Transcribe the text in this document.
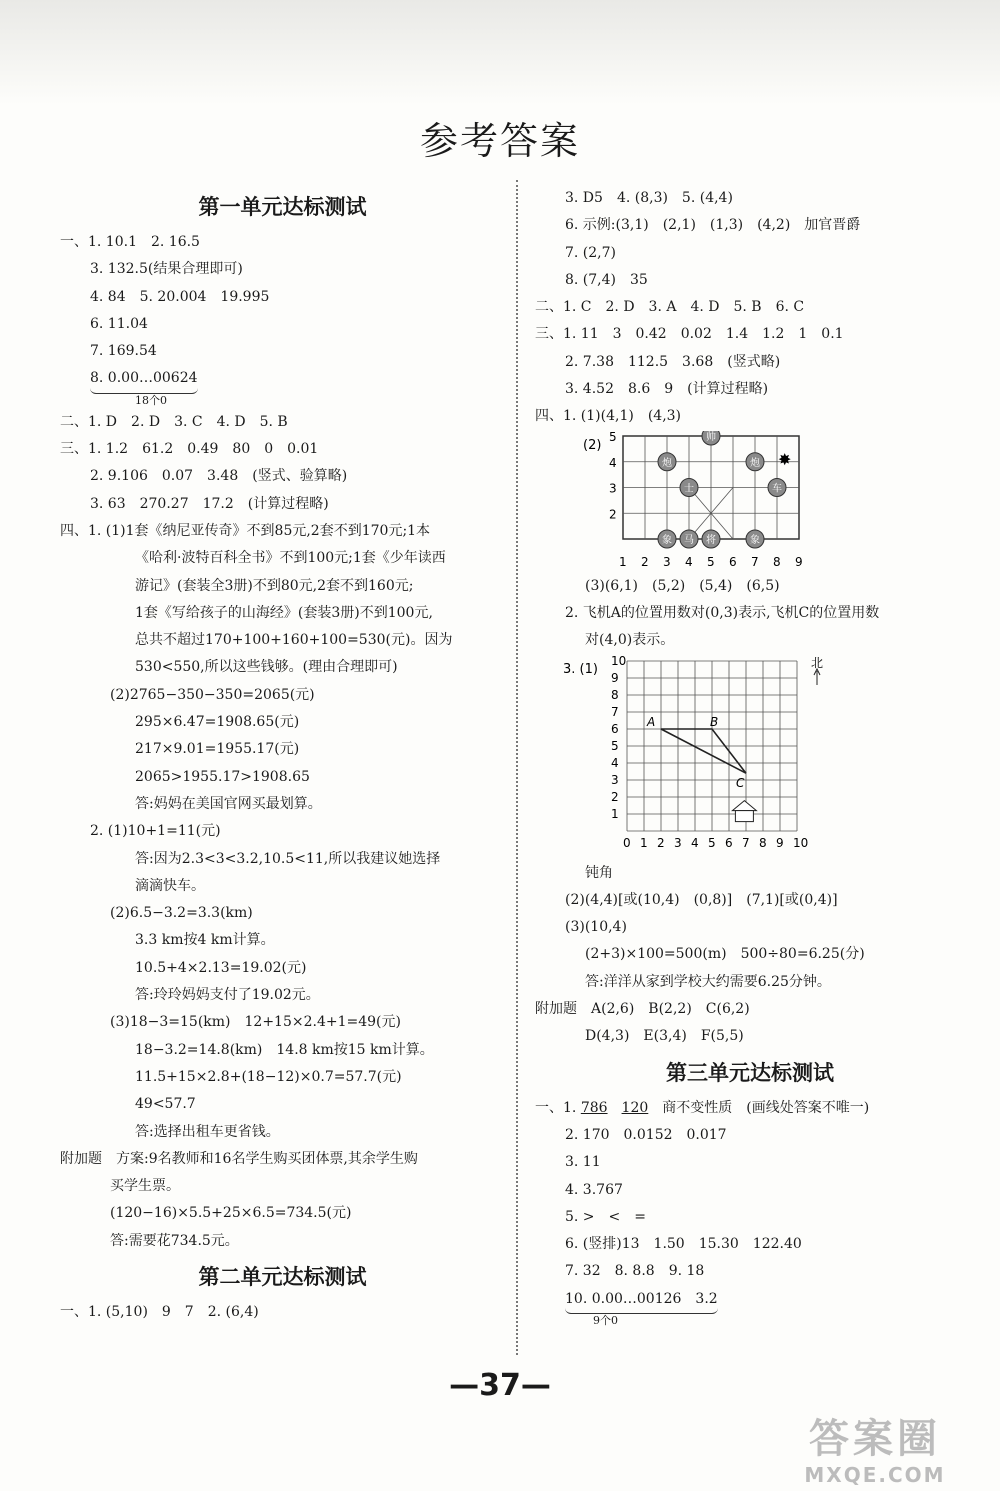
参考答案
第一单元达标测试
一、1. 10.1　2. 16.5
3. 132.5(结果合理即可)
4. 84　5. 20.004　19.995
6. 11.04
7. 169.54
8. 0.00…00624
18个0
二、1. D　2. D　3. C　4. D　5. B
三、1. 1.2　61.2　0.49　80　0　0.01
2. 9.106　0.07　3.48　(竖式、验算略)
3. 63　270.27　17.2　(计算过程略)
四、1. (1)1套《纳尼亚传奇》不到85元,2套不到170元;1本
《哈利·波特百科全书》不到100元;1套《少年读西
游记》(套装全3册)不到80元,2套不到160元;
1套《写给孩子的山海经》(套装3册)不到100元,
总共不超过170+100+160+100=530(元)。因为
530<550,所以这些钱够。(理由合理即可)
(2)2765−350−350=2065(元)
295×6.47=1908.65(元)
217×9.01=1955.17(元)
2065>1955.17>1908.65
答:妈妈在美国官网买最划算。
2. (1)10+1=11(元)
答:因为2.3<3<3.2,10.5<11,所以我建议她选择
滴滴快车。
(2)6.5−3.2=3.3(km)
3.3 km按4 km计算。
10.5+4×2.13=19.02(元)
答:玲玲妈妈支付了19.02元。
(3)18−3=15(km)　12+15×2.4+1=49(元)
18−3.2=14.8(km)　14.8 km按15 km计算。
11.5+15×2.8+(18−12)×0.7=57.7(元)
49<57.7
答:选择出租车更省钱。
附加题　方案:9名教师和16名学生购买团体票,其余学生购
买学生票。
(120−16)×5.5+25×6.5=734.5(元)
答:需要花734.5元。
第二单元达标测试
一、1. (5,10)　9　7　2. (6,4)
3. D5　4. (8,3)　5. (4,4)
6. 示例:(3,1)　(2,1)　(1,3)　(4,2)　加官晋爵
7. (2,7)
8. (7,4)　35
二、1. C　2. D　3. A　4. D　5. B　6. C
三、1. 11　3　0.42　0.02　1.4　1.2　1　0.1
2. 7.38　112.5　3.68　(竖式略)
3. 4.52　8.6　9　(计算过程略)
四、1. (1)(4,1)　(4,3)
(2)
5
4
3
2
1 2 3 4 5 6 7 8 9
帅
炮	炮
士	车
象 马 将	象
✸
(3)(6,1)　(5,2)　(5,4)　(6,5)
2. 飞机A的位置用数对(0,3)表示,飞机C的位置用数
对(4,0)表示。
3. (1)
0 1
1
2
2
3
3
4
4
5
5
6
6
7
7
8
8
9
9
10
10
A	B
C
北
钝角
(2)(4,4)[或(10,4)　(0,8)]　(7,1)[或(0,4)]
(3)(10,4)
(2+3)×100=500(m)　500÷80=6.25(分)
答:洋洋从家到学校大约需要6.25分钟。
附加题　A(2,6)　B(2,2)　C(6,2)
D(4,3)　E(3,4)　F(5,5)
第三单元达标测试
一、1. 786　 120　商不变性质　(画线处答案不唯一)
2. 170　0.0152　0.017
3. 11
4. 3.767
5. >　<　=
6. (竖排)13　1.50　15.30　122.40
7. 32　8. 8.8　9. 18
10. 0.00…00126　3.2
9个0
—37—
答案圈
MXQE.COM
